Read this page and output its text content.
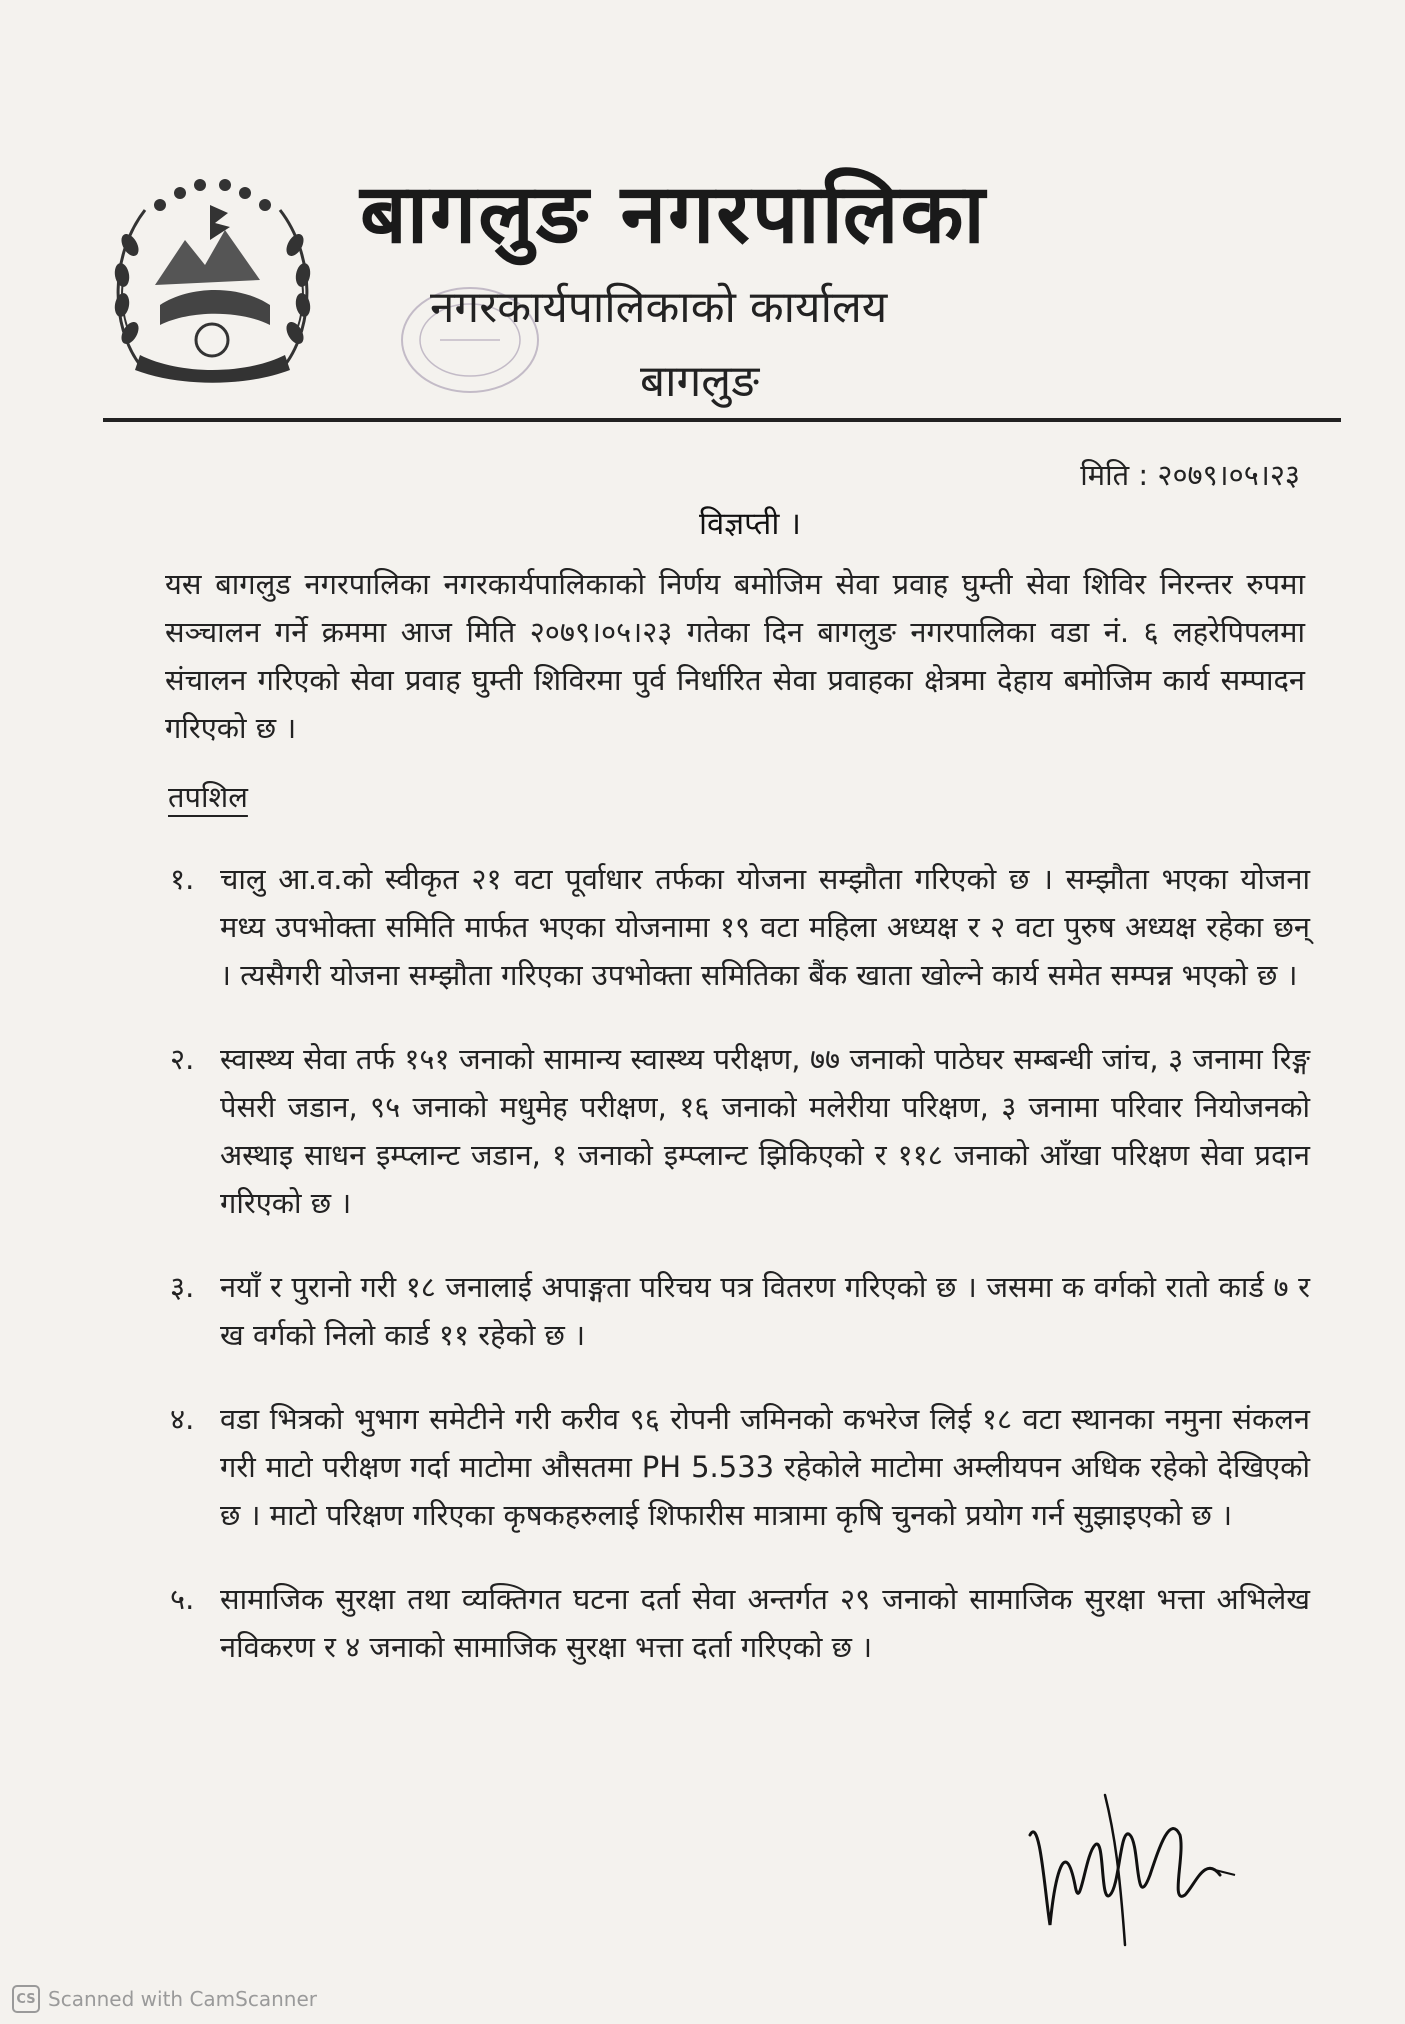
बागलुङ नगरपालिका
नगरकार्यपालिकाको कार्यालय
बागलुङ
मिति : २०७९।०५।२३
विज्ञप्ती ।
यस बागलुड नगरपालिका नगरकार्यपालिकाको निर्णय बमोजिम सेवा प्रवाह घुम्ती सेवा शिविर निरन्तर रुपमा सञ्चालन गर्ने क्रममा आज मिति २०७९।०५।२३ गतेका दिन बागलुङ नगरपालिका वडा नं. ६ लहरेपिपलमा संचालन गरिएको सेवा प्रवाह घुम्ती शिविरमा पुर्व निर्धारित सेवा प्रवाहका क्षेत्रमा देहाय बमोजिम कार्य सम्पादन गरिएको छ ।
तपशिल
१. चालु आ.व.को स्वीकृत २१ वटा पूर्वाधार तर्फका योजना सम्झौता गरिएको छ । सम्झौता भएका योजना मध्य उपभोक्ता समिति मार्फत भएका योजनामा १९ वटा महिला अध्यक्ष र २ वटा पुरुष अध्यक्ष रहेका छन् । त्यसैगरी योजना सम्झौता गरिएका उपभोक्ता समितिका बैंक खाता खोल्ने कार्य समेत सम्पन्न भएको छ ।
२. स्वास्थ्य सेवा तर्फ १५१ जनाको सामान्य स्वास्थ्य परीक्षण, ७७ जनाको पाठेघर सम्बन्धी जांच, ३ जनामा रिङ्ग पेसरी जडान, ९५ जनाको मधुमेह परीक्षण, १६ जनाको मलेरीया परिक्षण, ३ जनामा परिवार नियोजनको अस्थाइ साधन इम्प्लान्ट जडान, १ जनाको इम्प्लान्ट झिकिएको र ११८ जनाको आँखा परिक्षण सेवा प्रदान गरिएको छ ।
३. नयाँ र पुरानो गरी १८ जनालाई अपाङ्गता परिचय पत्र वितरण गरिएको छ । जसमा क वर्गको रातो कार्ड ७ र ख वर्गको निलो कार्ड ११ रहेको छ ।
४. वडा भित्रको भुभाग समेटीने गरी करीव ९६ रोपनी जमिनको कभरेज लिई १८ वटा स्थानका नमुना संकलन गरी माटो परीक्षण गर्दा माटोमा औसतमा PH 5.533 रहेकोले माटोमा अम्लीयपन अधिक रहेको देखिएको छ । माटो परिक्षण गरिएका कृषकहरुलाई शिफारीस मात्रामा कृषि चुनको प्रयोग गर्न सुझाइएको छ ।
५. सामाजिक सुरक्षा तथा व्यक्तिगत घटना दर्ता सेवा अन्तर्गत २९ जनाको सामाजिक सुरक्षा भत्ता अभिलेख नविकरण र ४ जनाको सामाजिक सुरक्षा भत्ता दर्ता गरिएको छ ।
CS Scanned with CamScanner
